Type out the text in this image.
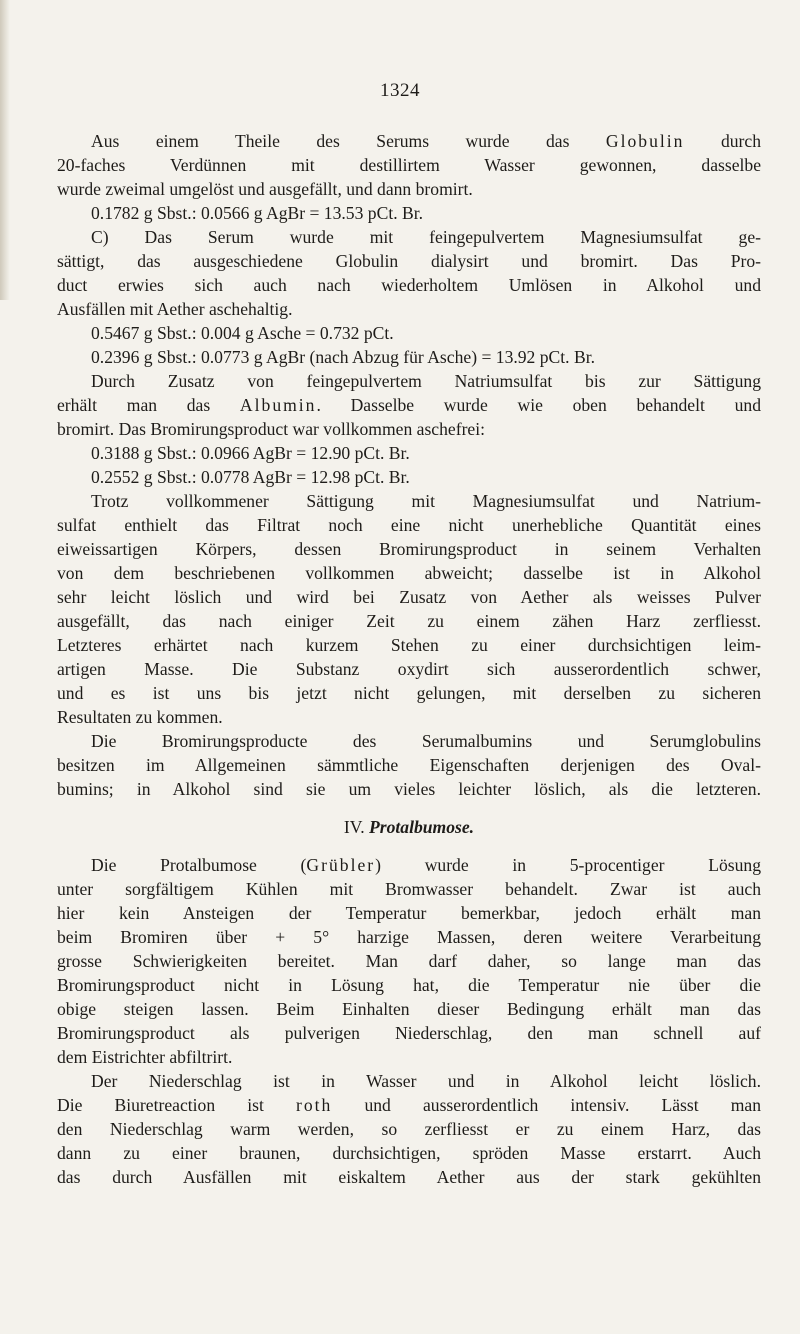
1324
Aus einem Theile des Serums wurde das Globulin durch
20-faches Verdünnen mit destillirtem Wasser gewonnen, dasselbe
wurde zweimal umgelöst und ausgefällt, und dann bromirt.
0.1782 g Sbst.: 0.0566 g AgBr = 13.53 pCt. Br.
C) Das Serum wurde mit feingepulvertem Magnesiumsulfat ge-
sättigt, das ausgeschiedene Globulin dialysirt und bromirt. Das Pro-
duct erwies sich auch nach wiederholtem Umlösen in Alkohol und
Ausfällen mit Aether aschehaltig.
0.5467 g Sbst.: 0.004 g Asche = 0.732 pCt.
0.2396 g Sbst.: 0.0773 g AgBr (nach Abzug für Asche) = 13.92 pCt. Br.
Durch Zusatz von feingepulvertem Natriumsulfat bis zur Sättigung
erhält man das Albumin. Dasselbe wurde wie oben behandelt und
bromirt. Das Bromirungsproduct war vollkommen aschefrei:
0.3188 g Sbst.: 0.0966 AgBr = 12.90 pCt. Br.
0.2552 g Sbst.: 0.0778 AgBr = 12.98 pCt. Br.
Trotz vollkommener Sättigung mit Magnesiumsulfat und Natrium-
sulfat enthielt das Filtrat noch eine nicht unerhebliche Quantität eines
eiweissartigen Körpers, dessen Bromirungsproduct in seinem Verhalten
von dem beschriebenen vollkommen abweicht; dasselbe ist in Alkohol
sehr leicht löslich und wird bei Zusatz von Aether als weisses Pulver
ausgefällt, das nach einiger Zeit zu einem zähen Harz zerfliesst.
Letzteres erhärtet nach kurzem Stehen zu einer durchsichtigen leim-
artigen Masse. Die Substanz oxydirt sich ausserordentlich schwer,
und es ist uns bis jetzt nicht gelungen, mit derselben zu sicheren
Resultaten zu kommen.
Die Bromirungsproducte des Serumalbumins und Serumglobulins
besitzen im Allgemeinen sämmtliche Eigenschaften derjenigen des Oval-
bumins; in Alkohol sind sie um vieles leichter löslich, als die letzteren.
IV. Protalbumose.
Die Protalbumose (Grübler) wurde in 5-procentiger Lösung
unter sorgfältigem Kühlen mit Bromwasser behandelt. Zwar ist auch
hier kein Ansteigen der Temperatur bemerkbar, jedoch erhält man
beim Bromiren über + 5° harzige Massen, deren weitere Verarbeitung
grosse Schwierigkeiten bereitet. Man darf daher, so lange man das
Bromirungsproduct nicht in Lösung hat, die Temperatur nie über die
obige steigen lassen. Beim Einhalten dieser Bedingung erhält man das
Bromirungsproduct als pulverigen Niederschlag, den man schnell auf
dem Eistrichter abfiltrirt.
Der Niederschlag ist in Wasser und in Alkohol leicht löslich.
Die Biuretreaction ist roth und ausserordentlich intensiv. Lässt man
den Niederschlag warm werden, so zerfliesst er zu einem Harz, das
dann zu einer braunen, durchsichtigen, spröden Masse erstarrt. Auch
das durch Ausfällen mit eiskaltem Aether aus der stark gekühlten
